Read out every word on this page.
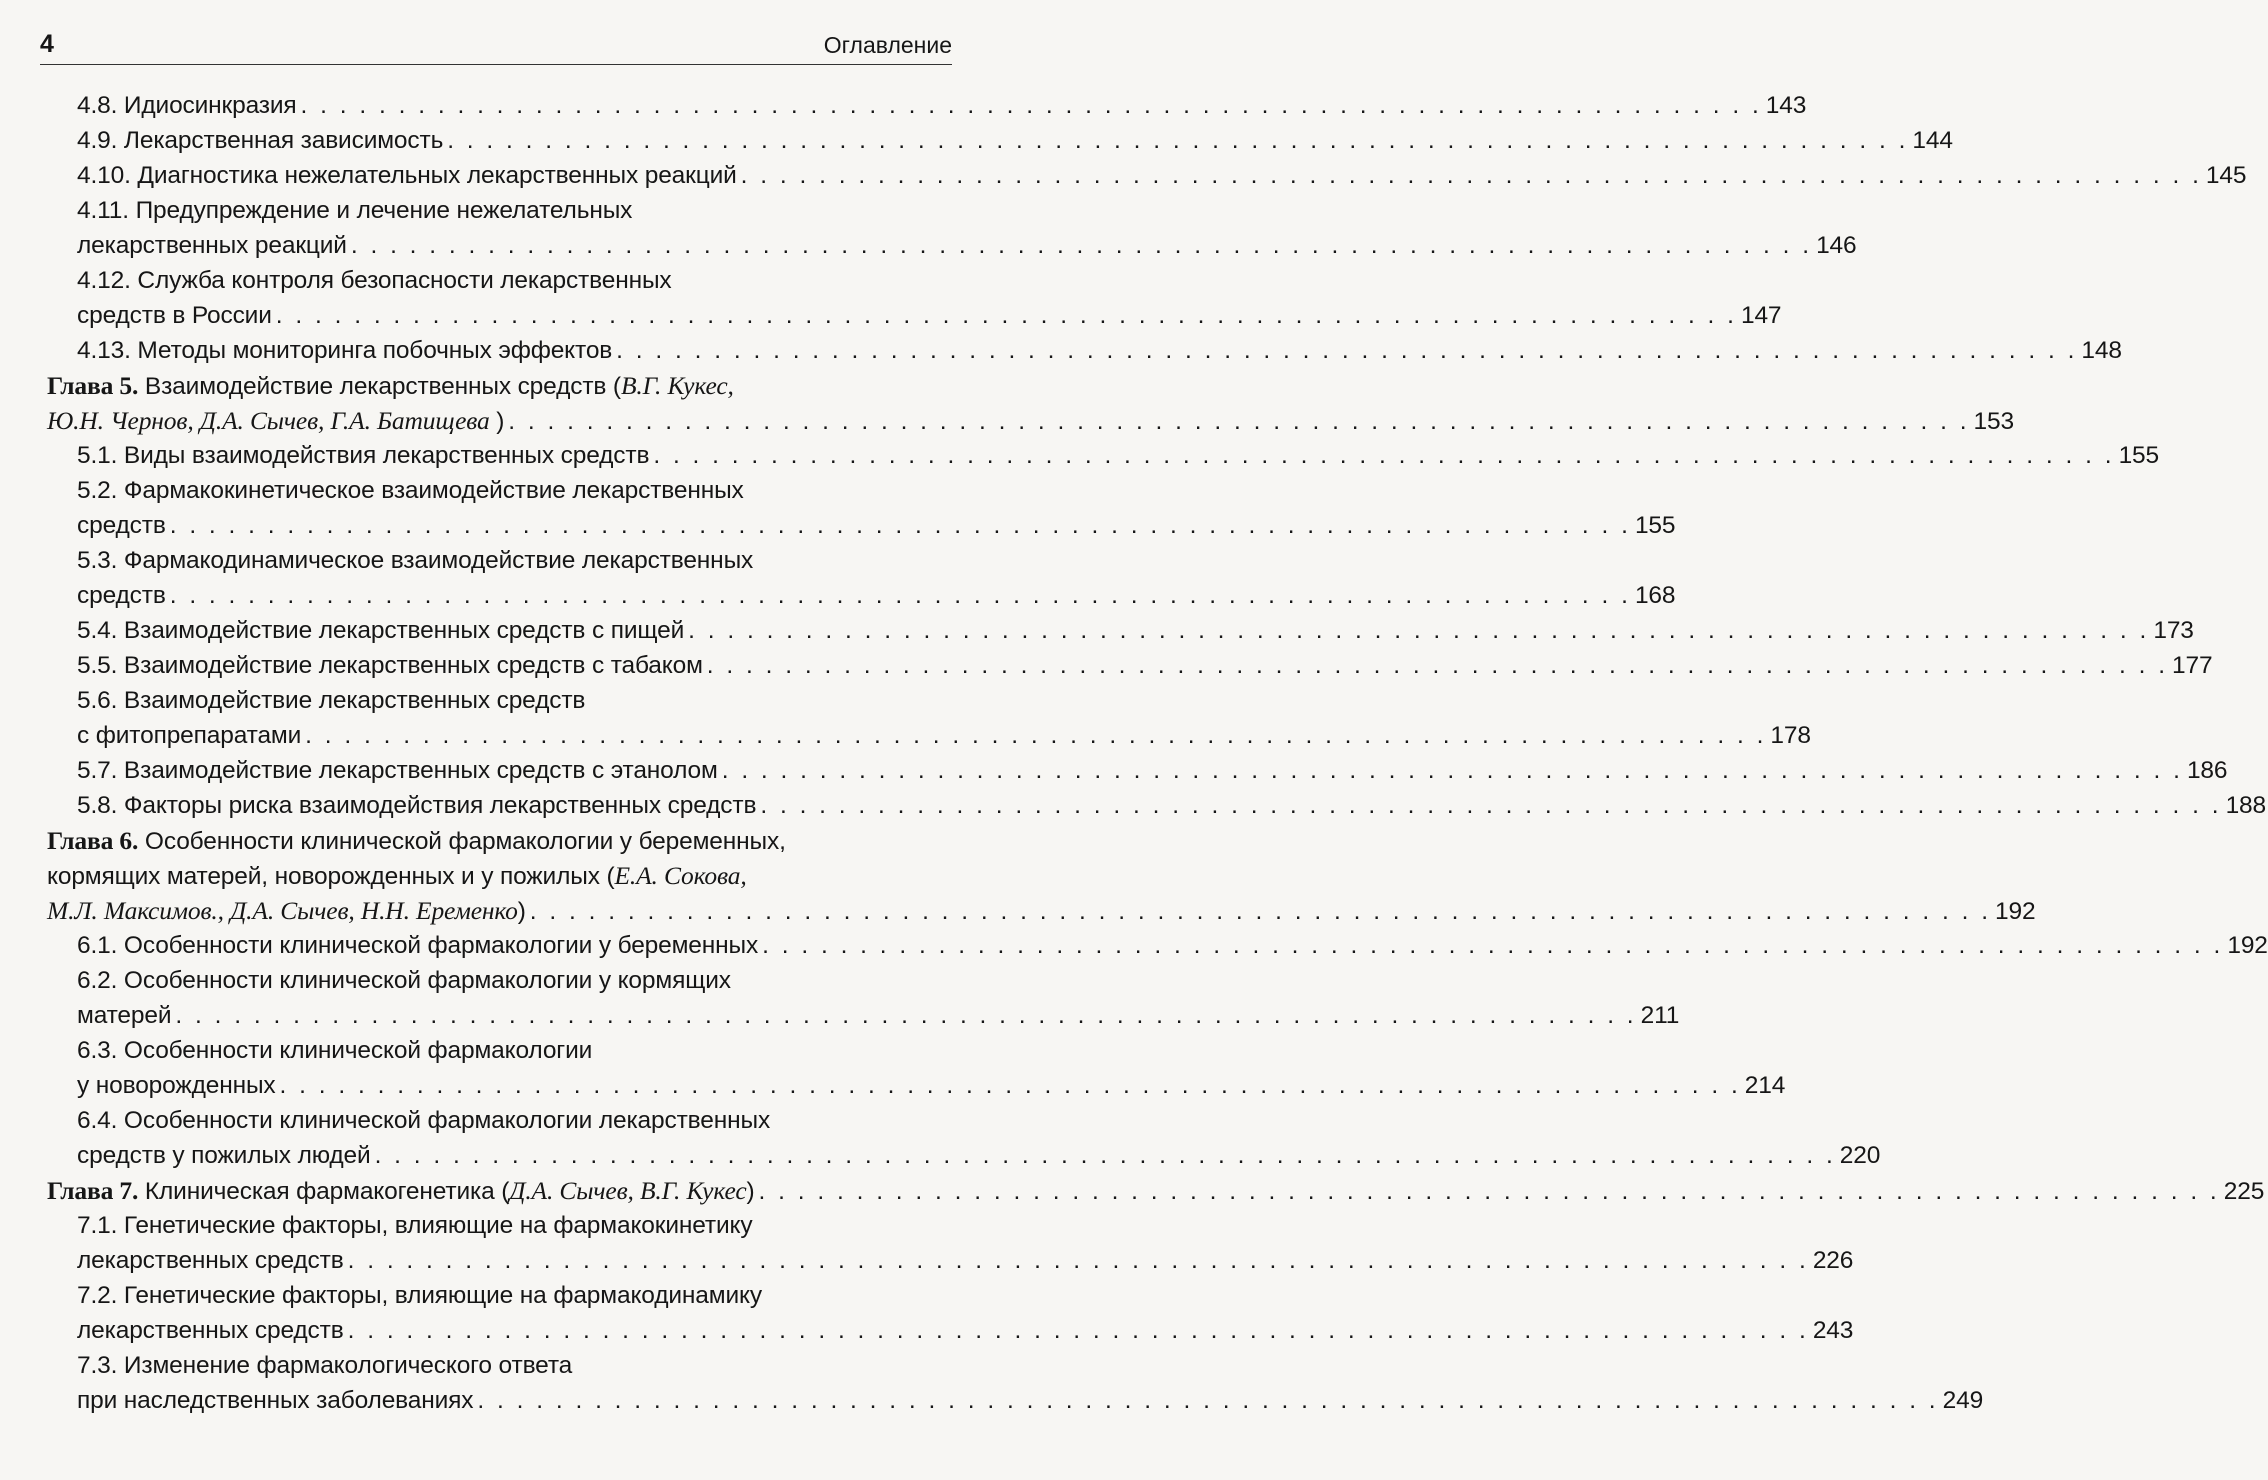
4	Оглавление
4.8. Идиосинкразия . . . . . . . . . . . . . . . . . . . . . . . . . . . . . . . . . . . . . . . . . . . . . . . . . . . . . . . . . . . . . . . . . . . . . . . . . . . 143
4.9. Лекарственная зависимость . . . . . . . . . . . . . . . . . . . . . . . . . . . . . . . . . . . . . . . . . . . . . . . . . . . . . . . . . . . . . . . . . . . . . . . . . . . 144
4.10. Диагностика нежелательных лекарственных реакций . . . . . . . . . . . . . . . . . . . . . . . . . . . . . . . . . . . . . . . . . . . . . . . . . . . . . . . . . . . . . . . . . . . . . . . . . . . 145
4.11. Предупреждение и лечение нежелательных
лекарственных реакций . . . . . . . . . . . . . . . . . . . . . . . . . . . . . . . . . . . . . . . . . . . . . . . . . . . . . . . . . . . . . . . . . . . . . . . . . . . 146
4.12. Служба контроля безопасности лекарственных
средств в России . . . . . . . . . . . . . . . . . . . . . . . . . . . . . . . . . . . . . . . . . . . . . . . . . . . . . . . . . . . . . . . . . . . . . . . . . . . 147
4.13. Методы мониторинга побочных эффектов . . . . . . . . . . . . . . . . . . . . . . . . . . . . . . . . . . . . . . . . . . . . . . . . . . . . . . . . . . . . . . . . . . . . . . . . . . . 148
Глава 5. Взаимодействие лекарственных средств (В.Г. Кукес,
Ю.Н. Чернов, Д.А. Сычев, Г.А. Батищева ) . . . . . . . . . . . . . . . . . . . . . . . . . . . . . . . . . . . . . . . . . . . . . . . . . . . . . . . . . . . . . . . . . . . . . . . . . . . 153
5.1. Виды взаимодействия лекарственных средств . . . . . . . . . . . . . . . . . . . . . . . . . . . . . . . . . . . . . . . . . . . . . . . . . . . . . . . . . . . . . . . . . . . . . . . . . . . 155
5.2. Фармакокинетическое взаимодействие лекарственных
средств . . . . . . . . . . . . . . . . . . . . . . . . . . . . . . . . . . . . . . . . . . . . . . . . . . . . . . . . . . . . . . . . . . . . . . . . . . . 155
5.3. Фармакодинамическое взаимодействие лекарственных
средств . . . . . . . . . . . . . . . . . . . . . . . . . . . . . . . . . . . . . . . . . . . . . . . . . . . . . . . . . . . . . . . . . . . . . . . . . . . 168
5.4. Взаимодействие лекарственных средств с пищей . . . . . . . . . . . . . . . . . . . . . . . . . . . . . . . . . . . . . . . . . . . . . . . . . . . . . . . . . . . . . . . . . . . . . . . . . . . 173
5.5. Взаимодействие лекарственных средств с табаком . . . . . . . . . . . . . . . . . . . . . . . . . . . . . . . . . . . . . . . . . . . . . . . . . . . . . . . . . . . . . . . . . . . . . . . . . . . 177
5.6. Взаимодействие лекарственных средств
с фитопрепаратами . . . . . . . . . . . . . . . . . . . . . . . . . . . . . . . . . . . . . . . . . . . . . . . . . . . . . . . . . . . . . . . . . . . . . . . . . . . 178
5.7. Взаимодействие лекарственных средств с этанолом . . . . . . . . . . . . . . . . . . . . . . . . . . . . . . . . . . . . . . . . . . . . . . . . . . . . . . . . . . . . . . . . . . . . . . . . . . . 186
5.8. Факторы риска взаимодействия лекарственных средств . . . . . . . . . . . . . . . . . . . . . . . . . . . . . . . . . . . . . . . . . . . . . . . . . . . . . . . . . . . . . . . . . . . . . . . . . . . 188
Глава 6. Особенности клинической фармакологии у беременных,
кормящих матерей, новорожденных и у пожилых (Е.А. Сокова,
М.Л. Максимов., Д.А. Сычев, Н.Н. Еременко) . . . . . . . . . . . . . . . . . . . . . . . . . . . . . . . . . . . . . . . . . . . . . . . . . . . . . . . . . . . . . . . . . . . . . . . . . . . 192
6.1. Особенности клинической фармакологии у беременных . . . . . . . . . . . . . . . . . . . . . . . . . . . . . . . . . . . . . . . . . . . . . . . . . . . . . . . . . . . . . . . . . . . . . . . . . . . 192
6.2. Особенности клинической фармакологии у кормящих
матерей . . . . . . . . . . . . . . . . . . . . . . . . . . . . . . . . . . . . . . . . . . . . . . . . . . . . . . . . . . . . . . . . . . . . . . . . . . . 211
6.3. Особенности клинической фармакологии
у новорожденных . . . . . . . . . . . . . . . . . . . . . . . . . . . . . . . . . . . . . . . . . . . . . . . . . . . . . . . . . . . . . . . . . . . . . . . . . . . 214
6.4. Особенности клинической фармакологии лекарственных
средств у пожилых людей . . . . . . . . . . . . . . . . . . . . . . . . . . . . . . . . . . . . . . . . . . . . . . . . . . . . . . . . . . . . . . . . . . . . . . . . . . . 220
Глава 7. Клиническая фармакогенетика (Д.А. Сычев, В.Г. Кукес) . . . . . . . . . . . . . . . . . . . . . . . . . . . . . . . . . . . . . . . . . . . . . . . . . . . . . . . . . . . . . . . . . . . . . . . . . . . 225
7.1. Генетические факторы, влияющие на фармакокинетику
лекарственных средств . . . . . . . . . . . . . . . . . . . . . . . . . . . . . . . . . . . . . . . . . . . . . . . . . . . . . . . . . . . . . . . . . . . . . . . . . . . 226
7.2. Генетические факторы, влияющие на фармакодинамику
лекарственных средств . . . . . . . . . . . . . . . . . . . . . . . . . . . . . . . . . . . . . . . . . . . . . . . . . . . . . . . . . . . . . . . . . . . . . . . . . . . 243
7.3. Изменение фармакологического ответа
при наследственных заболеваниях . . . . . . . . . . . . . . . . . . . . . . . . . . . . . . . . . . . . . . . . . . . . . . . . . . . . . . . . . . . . . . . . . . . . . . . . . . . 249
